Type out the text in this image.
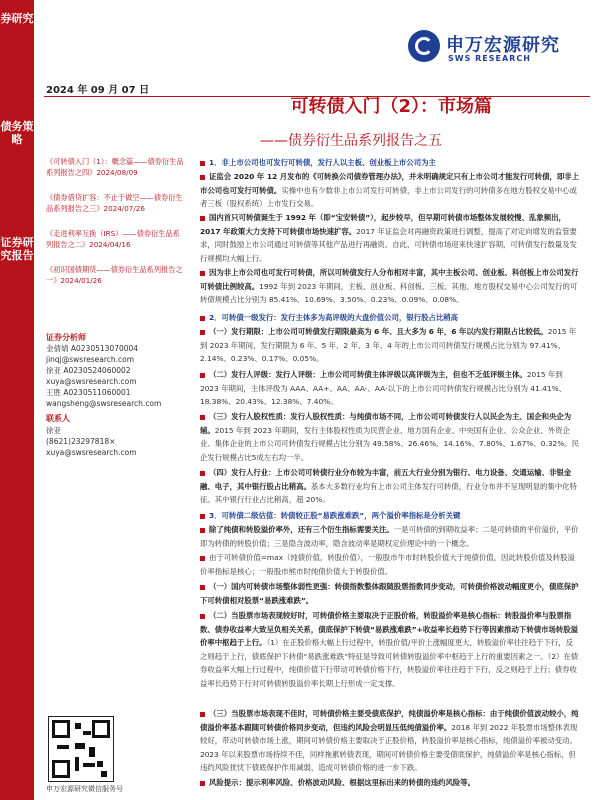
券研究
债务策略
证券研究报告
申万宏源研究
SWS RESEARCH
2024 年 09 月 07 日
可转债入门（2）：市场篇
——债券衍生品系列报告之五
《可转债入门（1）：概念篇——债券衍生品系列报告之四》2024/08/09
《债券借贷扩容：不止于做空——债券衍生品系列报告之三》2024/07/26
《走进利率互换（IRS）——债券衍生品系列报告之二》2024/04/16
《初识国债期货——债券衍生品系列报告之一》2024/01/26
证券分析师
金倩婧 A0230513070004
jinqj@swsresearch.com
徐亚 A0230524060002
xuya@swsresearch.com
王胜 A0230511060001
wangsheng@swsresearch.com
联系人
徐亚
(8621)23297818×
xuya@swsresearch.com
申万宏源研究微信服务号
1．非上市公司也可发行可转债，发行人以主板、创业板上市公司为主
证监会 2020 年 12 月发布的《可转换公司债券管理办法》，并未明确规定只有上市公司才能发行可转债，即非上市公司也可发行可转债。实操中也有少数非上市公司发行可转债，非上市公司发行的可转债多在地方股权交易中心或者三板（股权系统）上市发行交易。
国内首只可转债诞生于 1992 年（即“宝安转债”），起步较早，但早期可转债市场整体发展较慢、乱象频出，2017 年政策大力支持下可转债市场快速扩容。2017 年证监会对再融资政策进行调整，提高了对定向增发的监管要求，同时鼓励上市公司通过可转债等其他产品进行再融资。自此，可转债市场迎来快速扩容期，可转债发行数量及发行规模均大幅上行。
因为非上市公司也可发行可转债，所以可转债发行人分布相对丰富，其中主板公司、创业板、科创板上市公司发行可转债比例较高。1992 年到 2023 年期间，主板、创业板、科创板、三板、其他、地方股权交易中心公司发行的可转债规模占比分别为 85.41%、10.69%、3.50%、0.23%、0.09%、0.08%。
2．可转债一级发行：发行主体多为高评级的大盘价值公司，银行股占比稍高
（一）发行期限：上市公司可转债发行期限最高为 6 年、且大多为 6 年，6 年以内发行期限占比较低。2015 年到 2023 年期间，发行期限为 6 年、5 年、2 年、3 年、4 年的上市公司可转债发行规模占比分别为 97.41%、2.14%、0.23%、0.17%、0.05%。
（二）发行人评级：发行人评级：上市公司可转债主体评级以高评级为主，但也不乏低评级主体。2015 年到 2023 年期间，主体评级为 AAA、AA+、AA、AA-、AA-以下的上市公司可转债发行规模占比分别为 41.41%、18.38%、20.43%、12.38%、7.40%。
（三）发行人股权性质：发行人股权性质：与纯债市场不同，上市公司可转债发行人以民企为主、国企和央企为辅。2015 年到 2023 年期间，发行主体股权性质为民营企业、地方国有企业、中央国有企业、公众企业、外资企业、集体企业的上市公司可转债发行规模占比分别为 49.58%、26.46%、14.16%、7.80%、1.67%、0.32%。民企发行规模占比5成左右均一半。
（四）发行人行业：上市公司可转债行业分布较为丰富，前五大行业分别为银行、电力设备、交通运输、非银金融、电子，其中银行股占比稍高。基本大多数行业均有上市公司主体发行可转债，行业分布并不呈现明显的集中化特征。其中银行行业占比稍高，超 20%。
3．可转债二级估值：转债较正股“易跌涨难跌”，两个溢价率指标是分析关键
除了纯债和转股溢价率外，还有三个衍生指标需要关注。一是可转债的到期收益率；二是可转债的平价溢价，平价即为转债的转股价值；三是隐含波动率，隐含波动率是期权定价理论中的一个概念。
由于可转债价值=max（纯债价值，转股价值），一般股市牛市时转股价值大于纯债价值，因此转股价值及转股溢价率指标是核心；一般股市熊市时纯债价值大于转股价值。
（一）国内可转债市场整体弱性更强：转债指数整体跟随股票指数同步变动，可转债价格波动幅度更小，债底保护下可转债相对股票“易跌涨难跌”。
（二）当股票市场表现较好时，可转债价格主要取决于正股价格，转股溢价率是核心指标：转股溢价率与股票指数、债券收益率大致呈负相关关系，债底保护下转债“易跌涨难跌”+收益率长趋势下行等因素推动下转债市场转股溢价率中枢趋于上行。（1）在正股价格大幅上行过程中，转股价值/平价上涨幅度更大，转股溢价率往往趋于下行，反之则趋于上行，债底保护下转债“易跌涨难跌”特征是导致可转债转股溢价率中枢趋于上行的重要因素之一。（2）在债券收益率大幅上行过程中，纯债价值下行带动可转债价格下行，转股溢价率往往趋于下行，反之则趋于上行；债券收益率长趋势下行对可转债转股溢价率长期上行形成一定支撑。
（三）当股票市场表现不佳时，可转债价格主要受债底保护，纯债溢价率是核心指标：由于纯债价值波动较小，纯债溢价率基本跟随可转债价格同步变动，但违约风险会明显压低纯债溢价率。2018 年到 2022 年股票市场整体表现较好，带动可转债市场上涨，期间可转债价格主要取决于正股价格，转股溢价率是核心指标，纯债溢价率被动变动。2023 年以来股票市场持续不佳，同样拖累转债表现，期间可转债价格主要受债底保护，纯债溢价率是核心指标，但违约风险扰忧下债底保护作用减弱，造成可转债价格的进一步下跌。
风险提示：提示利率风险、价格波动风险、根据这里标出来的转债的违约风险等。
